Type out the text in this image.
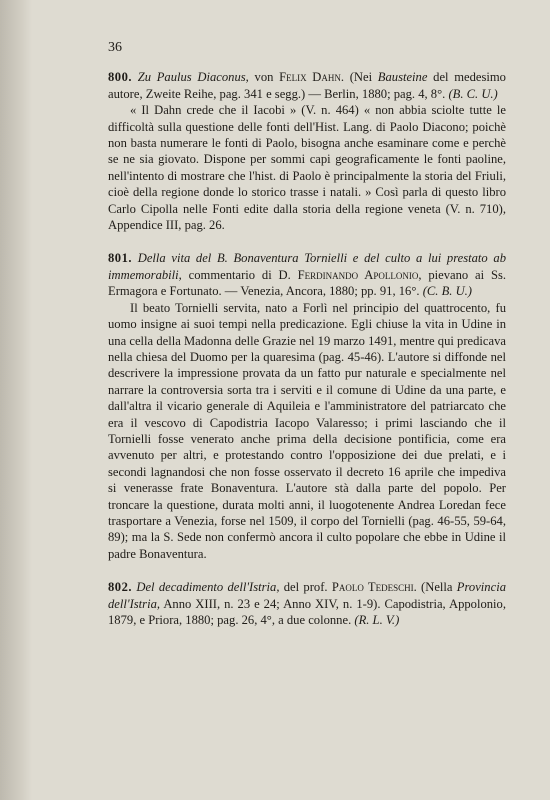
36

800. Zu Paulus Diaconus, von Felix Dahn. (Nei Bausteine del medesimo autore, Zweite Reihe, pag. 341 e segg.) — Berlin, 1880; pag. 4, 8°. (B. C. U.)

« Il Dahn crede che il Iacobi » (V. n. 464) « non abbia sciolte tutte le difficoltà sulla questione delle fonti dell'Hist. Lang. di Paolo Diacono; poichè non basta numerare le fonti di Paolo, bisogna anche esaminare come e perchè se ne sia giovato. Dispone per sommi capi geograficamente le fonti paoline, nell'intento di mostrare che l'hist. di Paolo è principalmente la storia del Friuli, cioè della regione donde lo storico trasse i natali. » Così parla di questo libro Carlo Cipolla nelle Fonti edite dalla storia della regione veneta (V. n. 710), Appendice III, pag. 26.

801. Della vita del B. Bonaventura Tornielli e del culto a lui prestato ab immemorabili, commentario di D. Ferdinando Apollonio, pievano ai Ss. Ermagora e Fortunato. — Venezia, Ancora, 1880; pp. 91, 16°. (C. B. U.)

Il beato Tornielli servita, nato a Forlì nel principio del quattrocento, fu uomo insigne ai suoi tempi nella predicazione. Egli chiuse la vita in Udine in una cella della Madonna delle Grazie nel 19 marzo 1491, mentre qui predicava nella chiesa del Duomo per la quaresima (pag. 45-46). L'autore si diffonde nel descrivere la impressione provata da un fatto pur naturale e specialmente nel narrare la controversia sorta tra i serviti e il comune di Udine da una parte, e dall'altra il vicario generale di Aquileia e l'amministratore del patriarcato che era il vescovo di Capodistria Iacopo Valaresso; i primi lasciando che il Tornielli fosse venerato anche prima della decisione pontificia, come era avvenuto per altri, e protestando contro l'opposizione dei due prelati, e i secondi lagnandosi che non fosse osservato il decreto 16 aprile che impediva si venerasse frate Bonaventura. L'autore stà dalla parte del popolo. Per troncare la questione, durata molti anni, il luogotenente Andrea Loredan fece trasportare a Venezia, forse nel 1509, il corpo del Tornielli (pag. 46-55, 59-64, 89); ma la S. Sede non confermò ancora il culto popolare che ebbe in Udine il padre Bonaventura.

802. Del decadimento dell'Istria, del prof. Paolo Tedeschi. (Nella Provincia dell'Istria, Anno XIII, n. 23 e 24; Anno XIV, n. 1-9). Capodistria, Appolonio, 1879, e Priora, 1880; pag. 26, 4°, a due colonne. (R. L. V.)
